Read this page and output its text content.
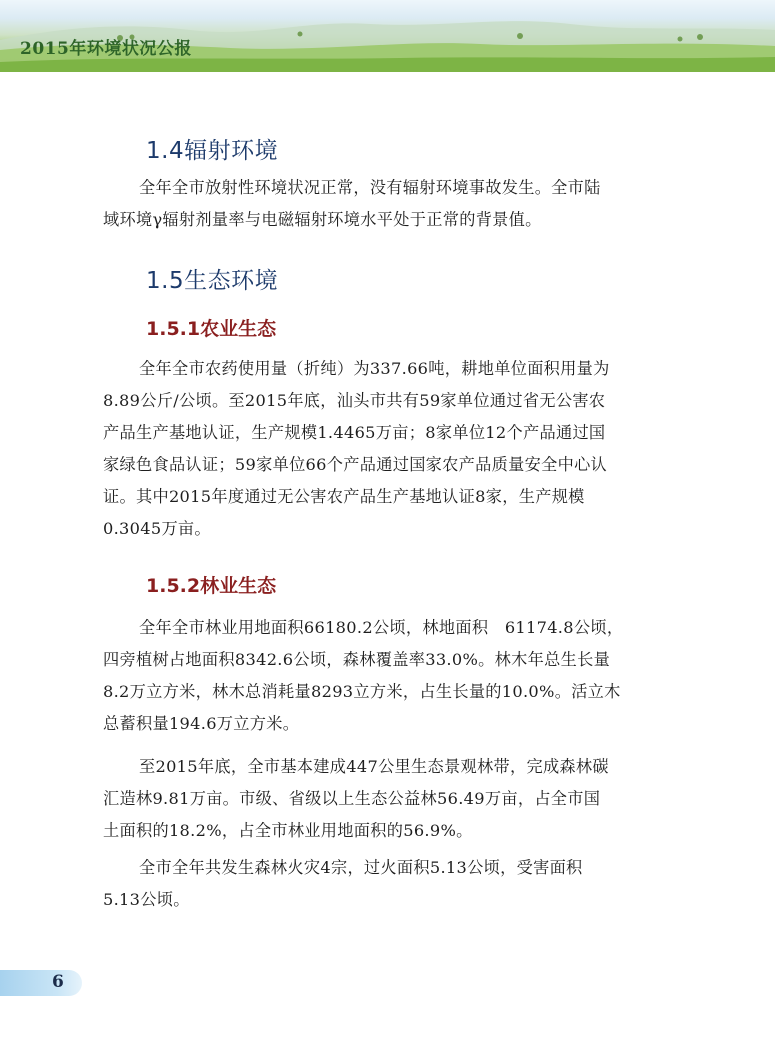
2015年环境状况公报
1.4辐射环境
全年全市放射性环境状况正常，没有辐射环境事故发生。全市陆
域环境γ辐射剂量率与电磁辐射环境水平处于正常的背景值。
1.5生态环境
1.5.1农业生态
全年全市农药使用量（折纯）为337.66吨，耕地单位面积用量为
8.89公斤/公顷。至2015年底，汕头市共有59家单位通过省无公害农
产品生产基地认证，生产规模1.4465万亩；8家单位12个产品通过国
家绿色食品认证；59家单位66个产品通过国家农产品质量安全中心认
证。其中2015年度通过无公害农产品生产基地认证8家，生产规模
0.3045万亩。
1.5.2林业生态
全年全市林业用地面积66180.2公顷，林地面积　61174.8公顷，
四旁植树占地面积8342.6公顷，森林覆盖率33.0%。林木年总生长量
8.2万立方米，林木总消耗量8293立方米，占生长量的10.0%。活立木
总蓄积量194.6万立方米。
至2015年底，全市基本建成447公里生态景观林带，完成森林碳
汇造林9.81万亩。市级、省级以上生态公益林56.49万亩，占全市国
土面积的18.2%，占全市林业用地面积的56.9%。
全市全年共发生森林火灾4宗，过火面积5.13公顷，受害面积
5.13公顷。
6
